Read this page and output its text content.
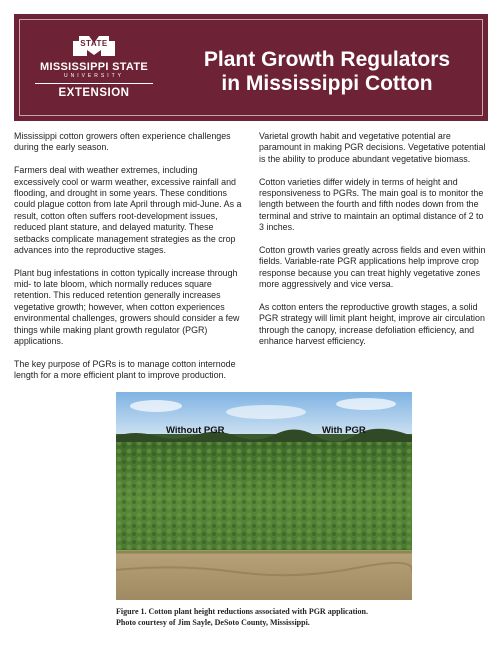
STATE
MISSISSIPPI STATE
UNIVERSITY
EXTENSION
Plant Growth Regulators
in Mississippi Cotton

Mississippi cotton growers often experience challenges during the early season.

Farmers deal with weather extremes, including excessively cool or warm weather, excessive rainfall and flooding, and drought in some years. These conditions could plague cotton from late April through mid-June. As a result, cotton often suffers root-development issues, reduced plant stature, and delayed maturity. These setbacks complicate management strategies as the crop advances into the reproductive stages.

Plant bug infestations in cotton typically increase through mid- to late bloom, which normally reduces square retention. This reduced retention generally increases vegetative growth; however, when cotton experiences environmental challenges, growers should consider a few things while making plant growth regulator (PGR) applications.

The key purpose of PGRs is to manage cotton internode length for a more efficient plant to improve production.

Varietal growth habit and vegetative potential are paramount in making PGR decisions. Vegetative potential is the ability to produce abundant vegetative biomass.

Cotton varieties differ widely in terms of height and responsiveness to PGRs. The main goal is to monitor the length between the fourth and fifth nodes down from the terminal and strive to maintain an optimal distance of 2 to 3 inches.

Cotton growth varies greatly across fields and even within fields. Variable-rate PGR applications help improve crop response because you can treat highly vegetative zones more aggressively and vice versa.

As cotton enters the reproductive growth stages, a solid PGR strategy will limit plant height, improve air circulation through the canopy, increase defoliation efficiency, and enhance harvest efficiency.

Without PGR	With PGR
Figure 1. Cotton plant height reductions associated with PGR application.
Photo courtesy of Jim Sayle, DeSoto County, Mississippi.
